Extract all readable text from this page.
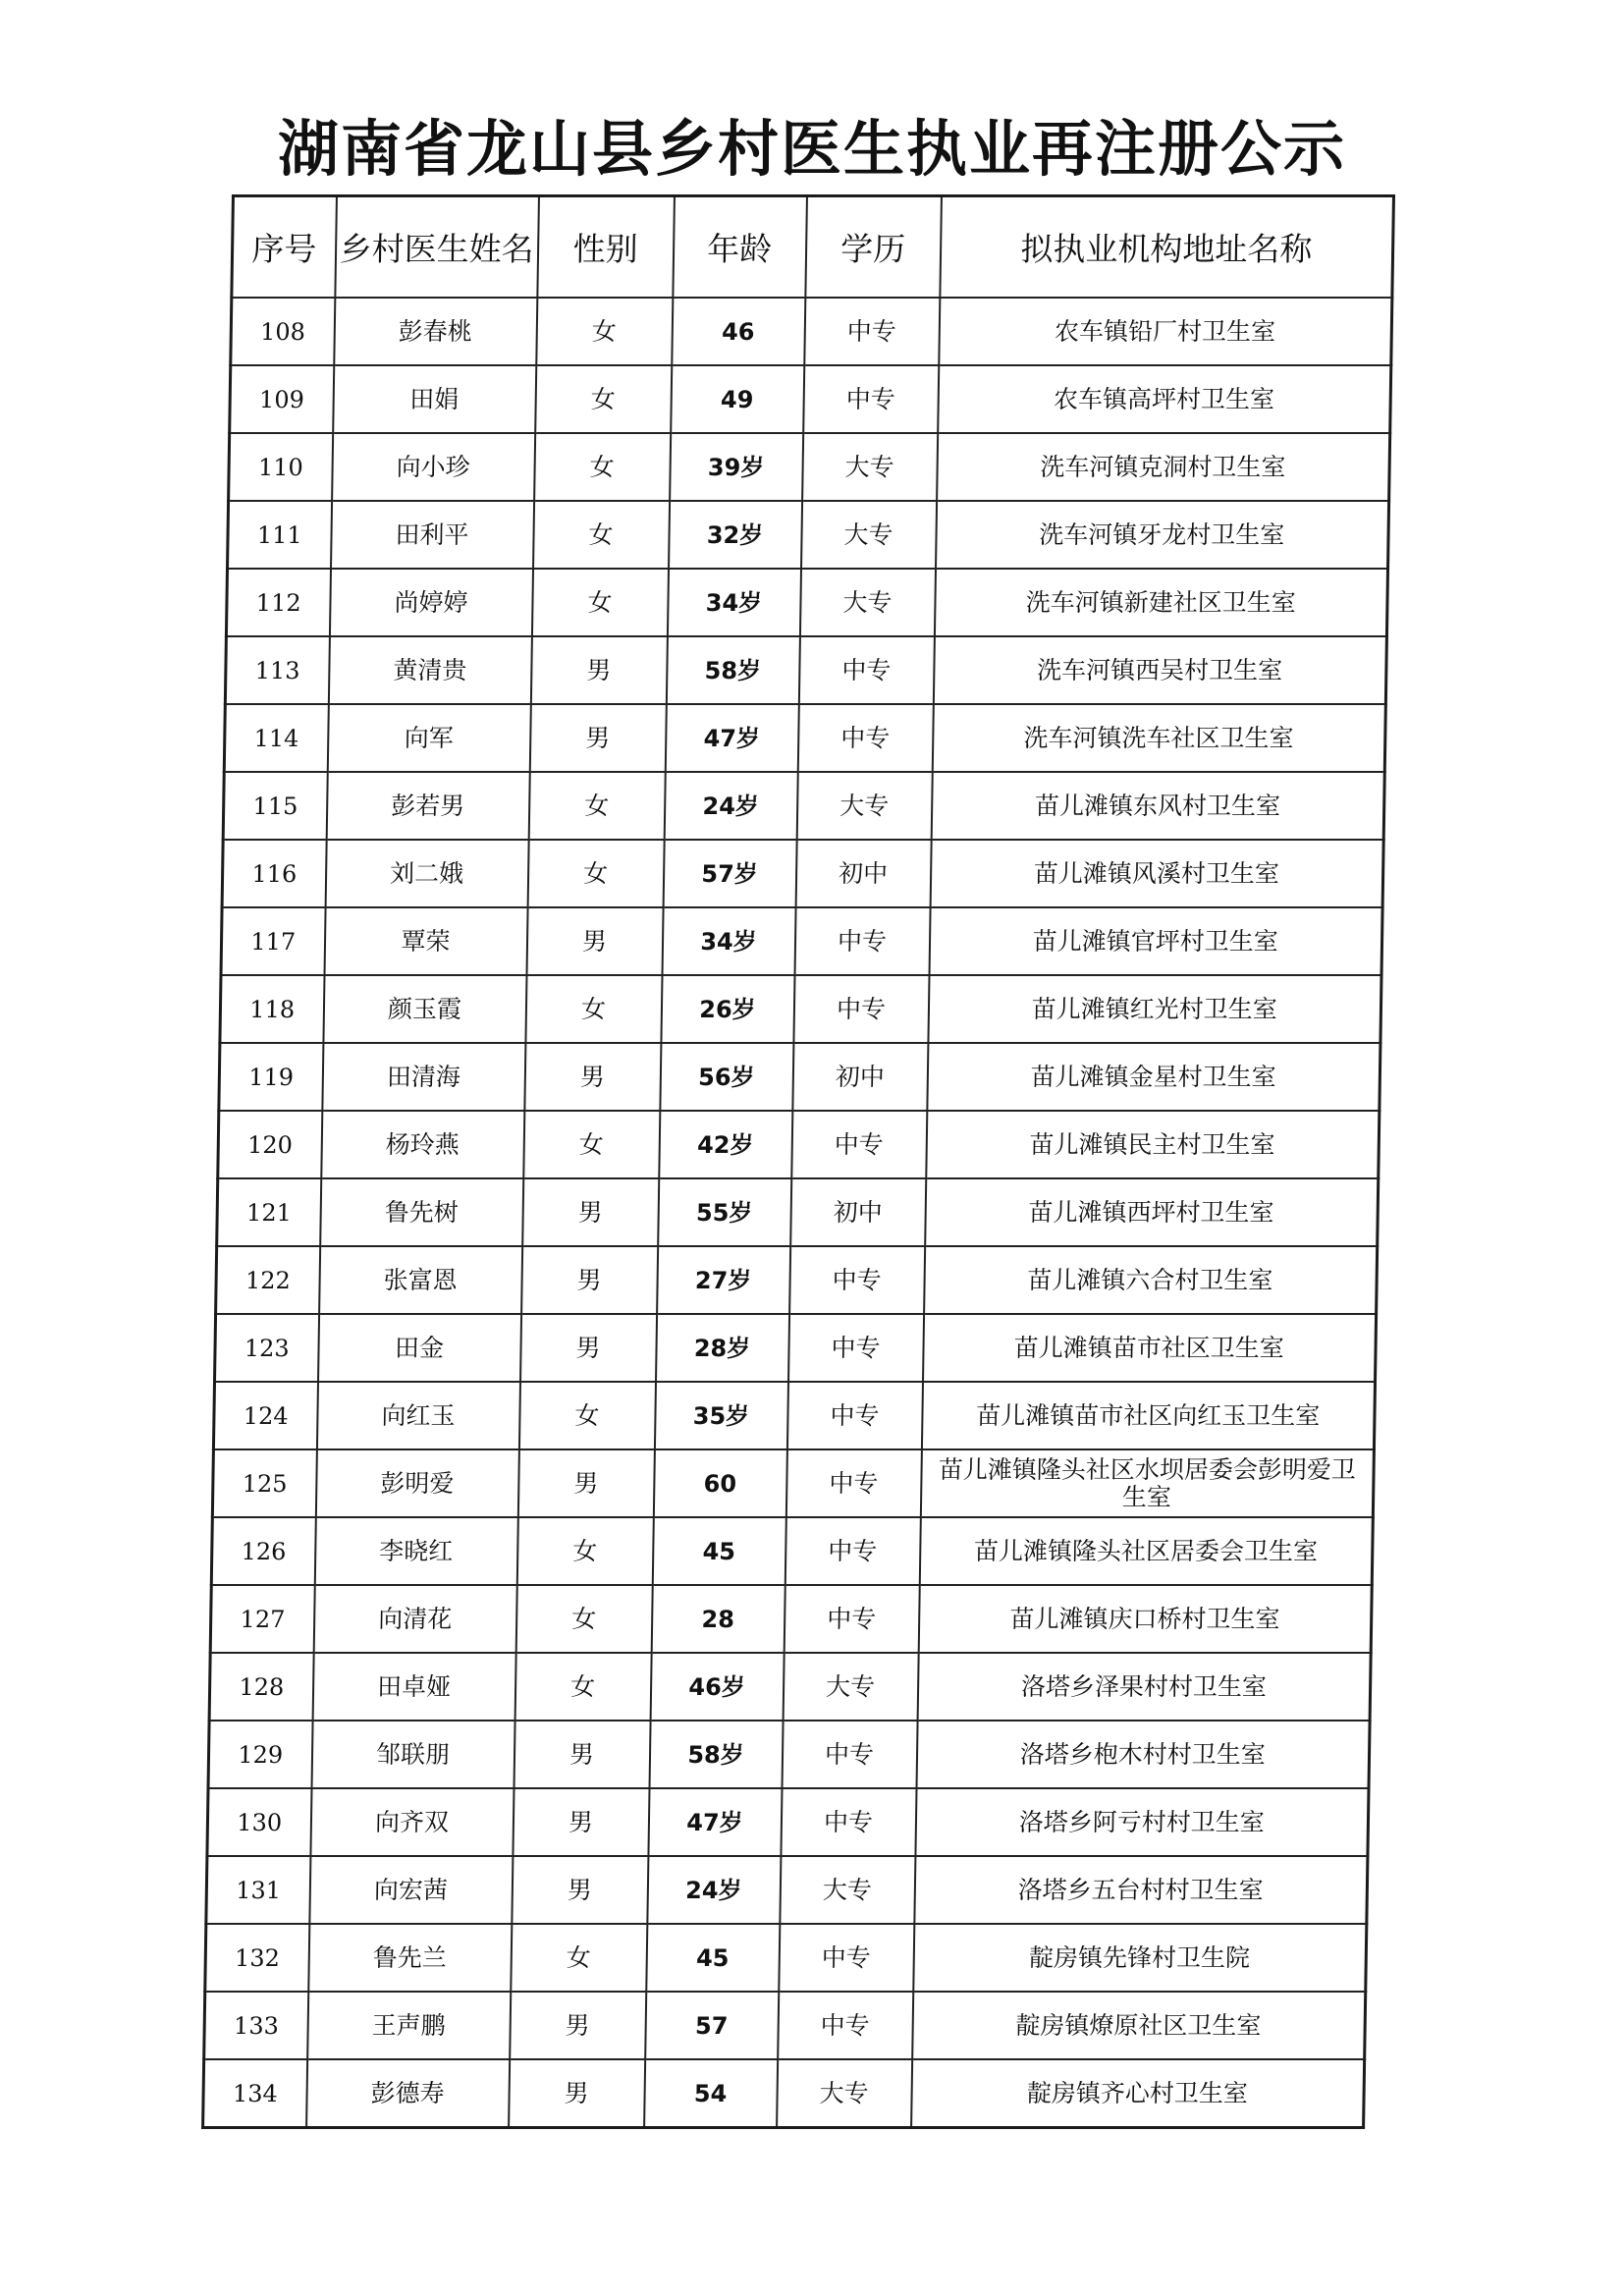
湖南省龙山县乡村医生执业再注册公示
序号	乡村医生姓名	性别	年龄	学历	拟执业机构地址名称
108	彭春桃	女	46	中专	农车镇铅厂村卫生室
109	田娟	女	49	中专	农车镇高坪村卫生室
110	向小珍	女	39岁	大专	洗车河镇克洞村卫生室
111	田利平	女	32岁	大专	洗车河镇牙龙村卫生室
112	尚婷婷	女	34岁	大专	洗车河镇新建社区卫生室
113	黄清贵	男	58岁	中专	洗车河镇西吴村卫生室
114	向军	男	47岁	中专	洗车河镇洗车社区卫生室
115	彭若男	女	24岁	大专	苗儿滩镇东风村卫生室
116	刘二娥	女	57岁	初中	苗儿滩镇风溪村卫生室
117	覃荣	男	34岁	中专	苗儿滩镇官坪村卫生室
118	颜玉霞	女	26岁	中专	苗儿滩镇红光村卫生室
119	田清海	男	56岁	初中	苗儿滩镇金星村卫生室
120	杨玲燕	女	42岁	中专	苗儿滩镇民主村卫生室
121	鲁先树	男	55岁	初中	苗儿滩镇西坪村卫生室
122	张富恩	男	27岁	中专	苗儿滩镇六合村卫生室
123	田金	男	28岁	中专	苗儿滩镇苗市社区卫生室
124	向红玉	女	35岁	中专	苗儿滩镇苗市社区向红玉卫生室
125	彭明爱	男	60	中专	苗儿滩镇隆头社区水坝居委会彭明爱卫生室
126	李晓红	女	45	中专	苗儿滩镇隆头社区居委会卫生室
127	向清花	女	28	中专	苗儿滩镇庆口桥村卫生室
128	田卓娅	女	46岁	大专	洛塔乡泽果村村卫生室
129	邹联朋	男	58岁	中专	洛塔乡枹木村村卫生室
130	向齐双	男	47岁	中专	洛塔乡阿亏村村卫生室
131	向宏茜	男	24岁	大专	洛塔乡五台村村卫生室
132	鲁先兰	女	45	中专	靛房镇先锋村卫生院
133	王声鹏	男	57	中专	靛房镇燎原社区卫生室
134	彭德寿	男	54	大专	靛房镇齐心村卫生室
